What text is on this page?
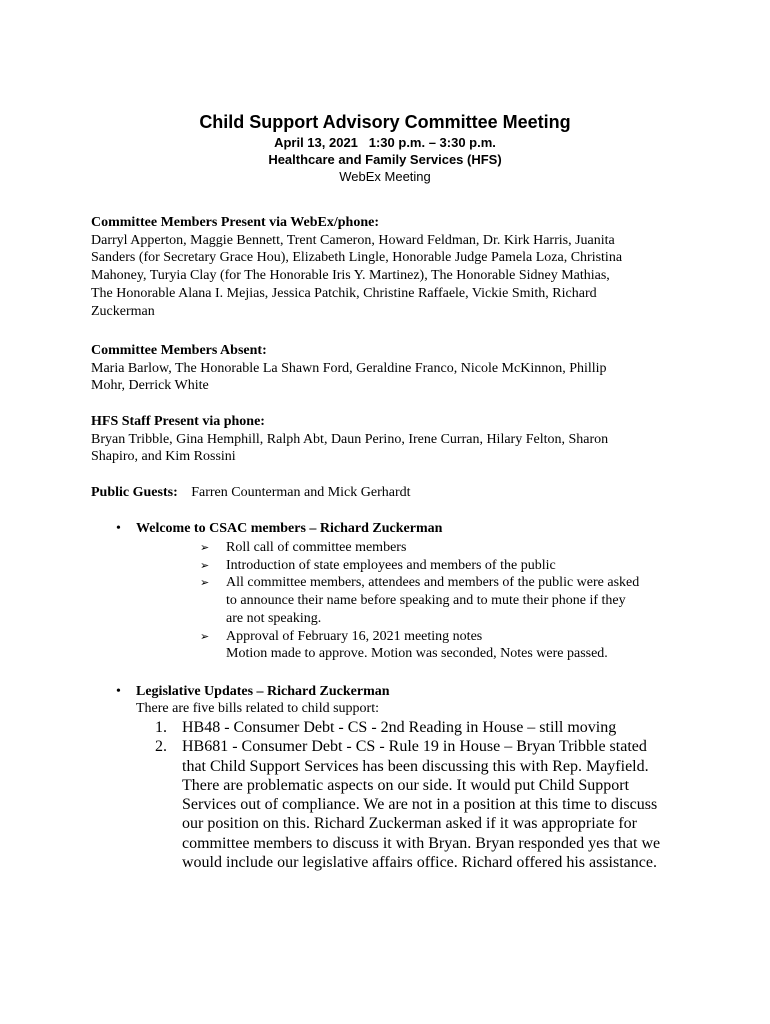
Child Support Advisory Committee Meeting
April 13, 2021   1:30 p.m. – 3:30 p.m.
Healthcare and Family Services (HFS)
WebEx Meeting
Committee Members Present via WebEx/phone:
Darryl Apperton, Maggie Bennett, Trent Cameron, Howard Feldman, Dr. Kirk Harris, Juanita
Sanders (for Secretary Grace Hou), Elizabeth Lingle, Honorable Judge Pamela Loza, Christina
Mahoney, Turyia Clay (for The Honorable Iris Y. Martinez), The Honorable Sidney Mathias,
The Honorable Alana I. Mejias, Jessica Patchik, Christine Raffaele, Vickie Smith, Richard
Zuckerman
Committee Members Absent:
Maria Barlow, The Honorable La Shawn Ford, Geraldine Franco, Nicole McKinnon, Phillip
Mohr, Derrick White
HFS Staff Present via phone:
Bryan Tribble, Gina Hemphill, Ralph Abt, Daun Perino, Irene Curran, Hilary Felton, Sharon
Shapiro, and Kim Rossini
Public Guests: Farren Counterman and Mick Gerhardt
• Welcome to CSAC members – Richard Zuckerman
➢ Roll call of committee members
➢ Introduction of state employees and members of the public
➢ All committee members, attendees and members of the public were asked
to announce their name before speaking and to mute their phone if they
are not speaking.
➢ Approval of February 16, 2021 meeting notes
Motion made to approve. Motion was seconded, Notes were passed.
• Legislative Updates – Richard Zuckerman
There are five bills related to child support:
1. HB48 - Consumer Debt - CS - 2nd Reading in House – still moving
2. HB681 - Consumer Debt - CS - Rule 19 in House – Bryan Tribble stated
that Child Support Services has been discussing this with Rep. Mayfield.
There are problematic aspects on our side. It would put Child Support
Services out of compliance. We are not in a position at this time to discuss
our position on this. Richard Zuckerman asked if it was appropriate for
committee members to discuss it with Bryan. Bryan responded yes that we
would include our legislative affairs office. Richard offered his assistance.
